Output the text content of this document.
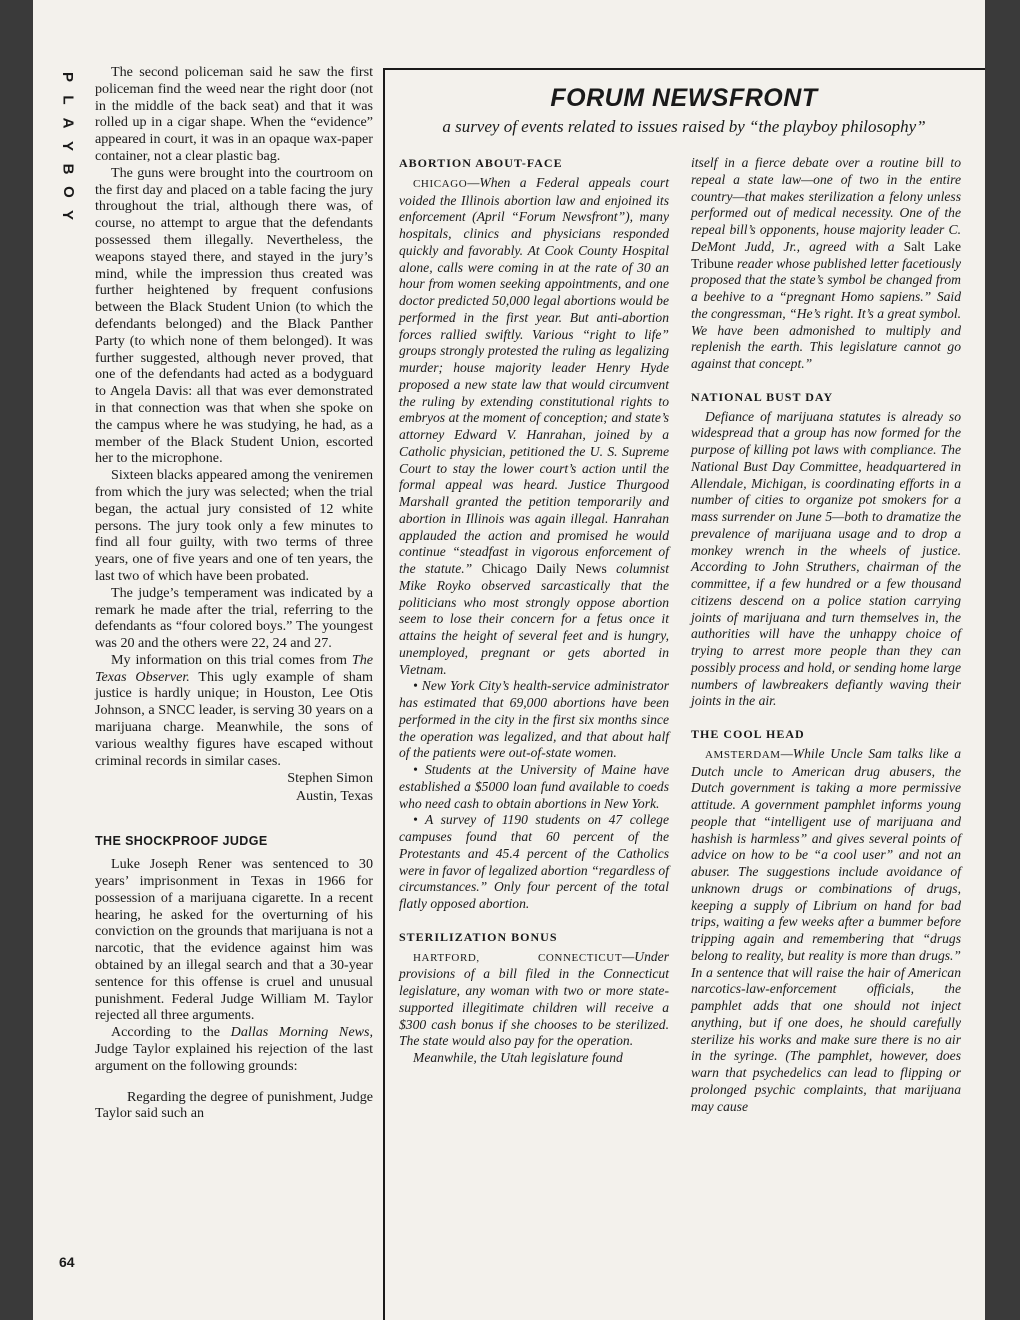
P
L
A
Y
B
O
Y
64

The second policeman said he saw the first policeman find the weed near the right door (not in the middle of the back seat) and that it was rolled up in a cigar shape. When the “evidence” appeared in court, it was in an opaque wax-paper container, not a clear plastic bag.

The guns were brought into the courtroom on the first day and placed on a table facing the jury throughout the trial, although there was, of course, no attempt to argue that the defendants possessed them illegally. Nevertheless, the weapons stayed there, and stayed in the jury’s mind, while the impression thus created was further heightened by frequent confusions between the Black Student Union (to which the defendants belonged) and the Black Panther Party (to which none of them belonged). It was further suggested, although never proved, that one of the defendants had acted as a bodyguard to Angela Davis: all that was ever demonstrated in that connection was that when she spoke on the campus where he was studying, he had, as a member of the Black Student Union, escorted her to the microphone.

Sixteen blacks appeared among the veniremen from which the jury was selected; when the trial began, the actual jury consisted of 12 white persons. The jury took only a few minutes to find all four guilty, with two terms of three years, one of five years and one of ten years, the last two of which have been probated.

The judge’s temperament was indicated by a remark he made after the trial, referring to the defendants as “four colored boys.” The youngest was 20 and the others were 22, 24 and 27.

My information on this trial comes from The Texas Observer. This ugly example of sham justice is hardly unique; in Houston, Lee Otis Johnson, a SNCC leader, is serving 30 years on a marijuana charge. Meanwhile, the sons of various wealthy figures have escaped without criminal records in similar cases.

Stephen Simon

Austin, Texas

THE SHOCKPROOF JUDGE

Luke Joseph Rener was sentenced to 30 years’ imprisonment in Texas in 1966 for possession of a marijuana cigarette. In a recent hearing, he asked for the overturning of his conviction on the grounds that marijuana is not a narcotic, that the evidence against him was obtained by an illegal search and that a 30-year sentence for this offense is cruel and unusual punishment. Federal Judge William M. Taylor rejected all three arguments.

According to the Dallas Morning News, Judge Taylor explained his rejection of the last argument on the following grounds:

Regarding the degree of punishment, Judge Taylor said such an

FORUM NEWSFRONT
a survey of events related to issues raised by “the playboy philosophy”
ABORTION ABOUT-FACE

CHICAGO—When a Federal appeals court voided the Illinois abortion law and enjoined its enforcement (April “Forum Newsfront”), many hospitals, clinics and physicians responded quickly and favorably. At Cook County Hospital alone, calls were coming in at the rate of 30 an hour from women seeking appointments, and one doctor predicted 50,000 legal abortions would be performed in the first year. But anti-abortion forces rallied swiftly. Various “right to life” groups strongly protested the ruling as legalizing murder; house majority leader Henry Hyde proposed a new state law that would circumvent the ruling by extending constitutional rights to embryos at the moment of conception; and state’s attorney Edward V. Hanrahan, joined by a Catholic physician, petitioned the U. S. Supreme Court to stay the lower court’s action until the formal appeal was heard. Justice Thurgood Marshall granted the petition temporarily and abortion in Illinois was again illegal. Hanrahan applauded the action and promised he would continue “steadfast in vigorous enforcement of the statute.” Chicago Daily News columnist Mike Royko observed sarcastically that the politicians who most strongly oppose abortion seem to lose their concern for a fetus once it attains the height of several feet and is hungry, unemployed, pregnant or gets aborted in Vietnam.

• New York City’s health-service administrator has estimated that 69,000 abortions have been performed in the city in the first six months since the operation was legalized, and that about half of the patients were out-of-state women.

• Students at the University of Maine have established a $5000 loan fund available to coeds who need cash to obtain abortions in New York.

• A survey of 1190 students on 47 college campuses found that 60 percent of the Protestants and 45.4 percent of the Catholics were in favor of legalized abortion “regardless of circumstances.” Only four percent of the total flatly opposed abortion.

STERILIZATION BONUS

HARTFORD, CONNECTICUT—Under provisions of a bill filed in the Connecticut legislature, any woman with two or more state-supported illegitimate children will receive a $300 cash bonus if she chooses to be sterilized. The state would also pay for the operation.

Meanwhile, the Utah legislature found

itself in a fierce debate over a routine bill to repeal a state law—one of two in the entire country—that makes sterilization a felony unless performed out of medical necessity. One of the repeal bill’s opponents, house majority leader C. DeMont Judd, Jr., agreed with a Salt Lake Tribune reader whose published letter facetiously proposed that the state’s symbol be changed from a beehive to a “pregnant Homo sapiens.” Said the congressman, “He’s right. It’s a great symbol. We have been admonished to multiply and replenish the earth. This legislature cannot go against that concept.”

NATIONAL BUST DAY

Defiance of marijuana statutes is already so widespread that a group has now formed for the purpose of killing pot laws with compliance. The National Bust Day Committee, headquartered in Allendale, Michigan, is coordinating efforts in a number of cities to organize pot smokers for a mass surrender on June 5—both to dramatize the prevalence of marijuana usage and to drop a monkey wrench in the wheels of justice. According to John Struthers, chairman of the committee, if a few hundred or a few thousand citizens descend on a police station carrying joints of marijuana and turn themselves in, the authorities will have the unhappy choice of trying to arrest more people than they can possibly process and hold, or sending home large numbers of lawbreakers defiantly waving their joints in the air.

THE COOL HEAD

AMSTERDAM—While Uncle Sam talks like a Dutch uncle to American drug abusers, the Dutch government is taking a more permissive attitude. A government pamphlet informs young people that “intelligent use of marijuana and hashish is harmless” and gives several points of advice on how to be “a cool user” and not an abuser. The suggestions include avoidance of unknown drugs or combinations of drugs, keeping a supply of Librium on hand for bad trips, waiting a few weeks after a bummer before tripping again and remembering that “drugs belong to reality, but reality is more than drugs.” In a sentence that will raise the hair of American narcotics-law-enforcement officials, the pamphlet adds that one should not inject anything, but if one does, he should carefully sterilize his works and make sure there is no air in the syringe. (The pamphlet, however, does warn that psychedelics can lead to flipping or prolonged psychic complaints, that marijuana may cause
